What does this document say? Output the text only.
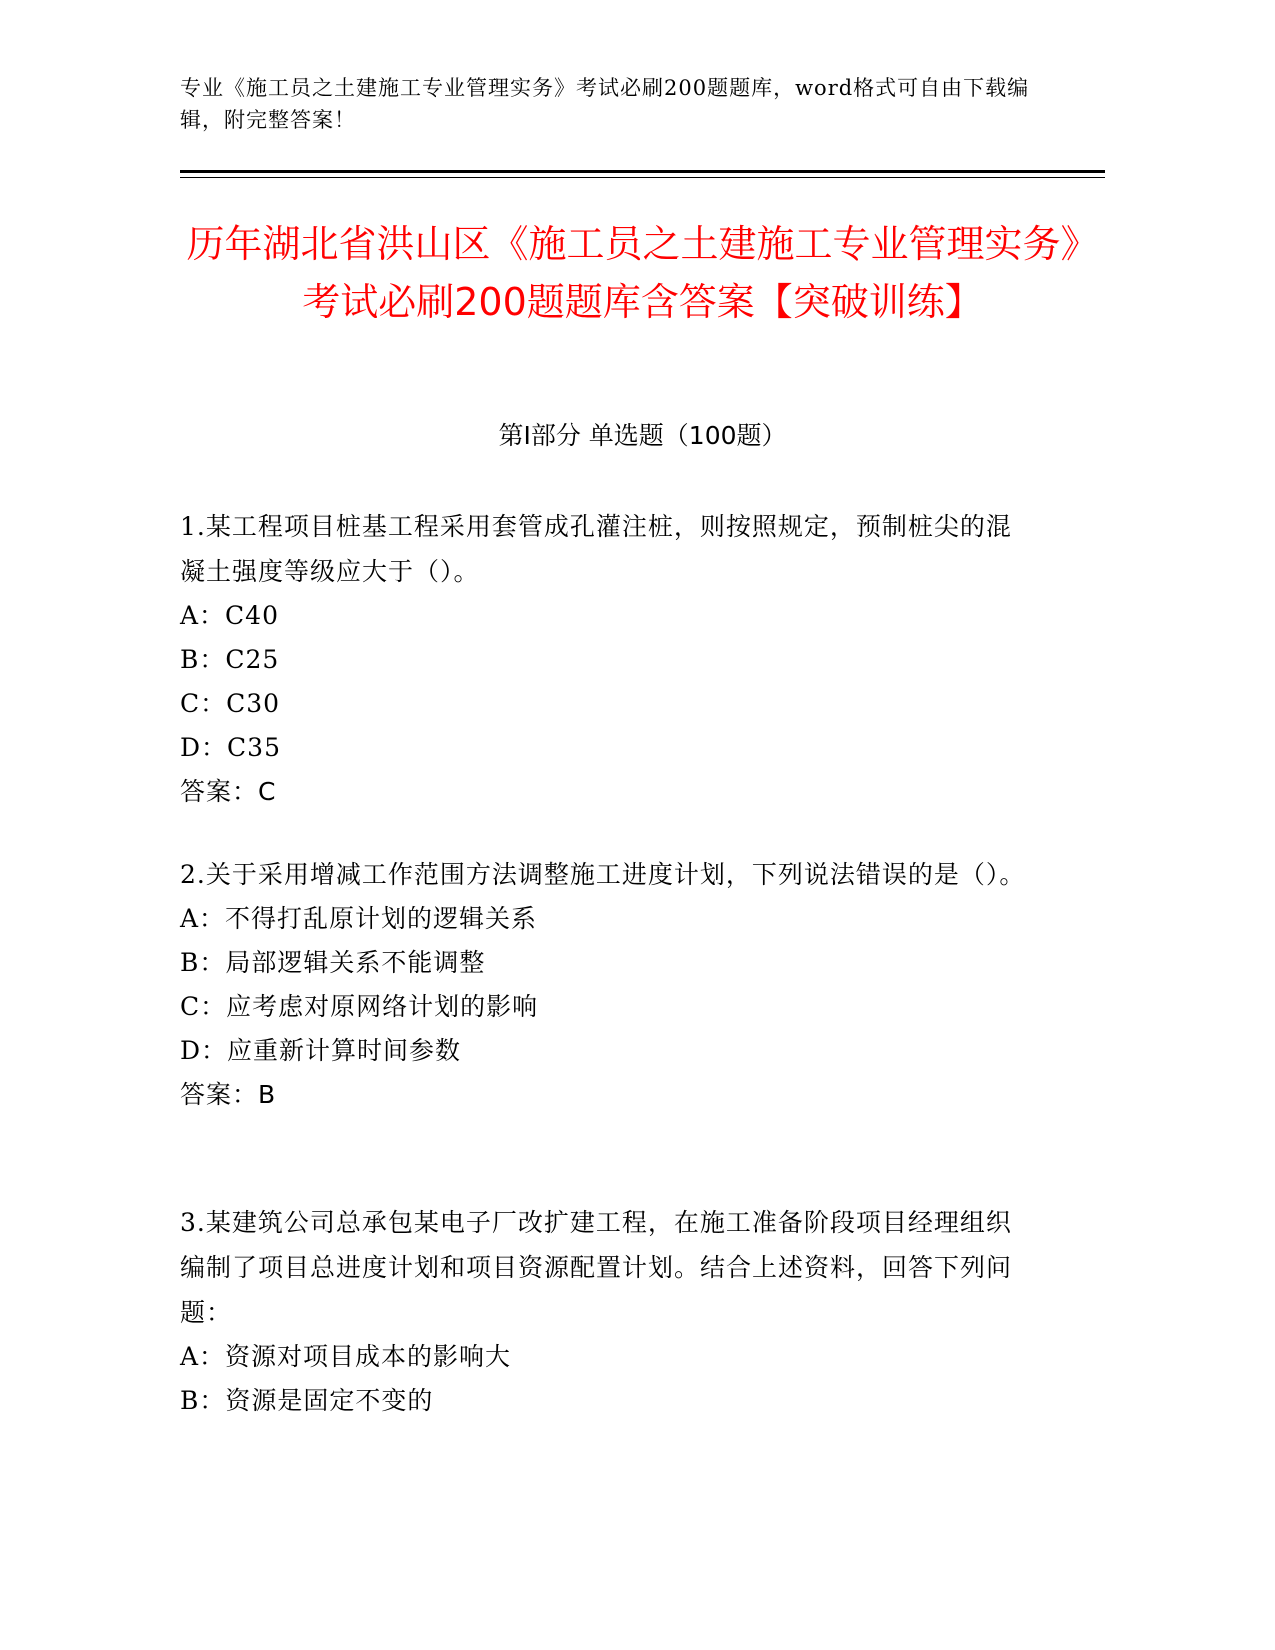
专业《施工员之土建施工专业管理实务》考试必刷200题题库，word格式可自由下载编辑，附完整答案！
历年湖北省洪山区《施工员之土建施工专业管理实务》考试必刷200题题库含答案【突破训练】
第I部分 单选题（100题）
1.某工程项目桩基工程采用套管成孔灌注桩，则按照规定，预制桩尖的混凝土强度等级应大于（）。
A：C40
B：C25
C：C30
D：C35
答案：C
2.关于采用增减工作范围方法调整施工进度计划，下列说法错误的是（）。
A：不得打乱原计划的逻辑关系
B：局部逻辑关系不能调整
C：应考虑对原网络计划的影响
D：应重新计算时间参数
答案：B
3.某建筑公司总承包某电子厂改扩建工程，在施工准备阶段项目经理组织编制了项目总进度计划和项目资源配置计划。结合上述资料，回答下列问题：
A：资源对项目成本的影响大
B：资源是固定不变的
